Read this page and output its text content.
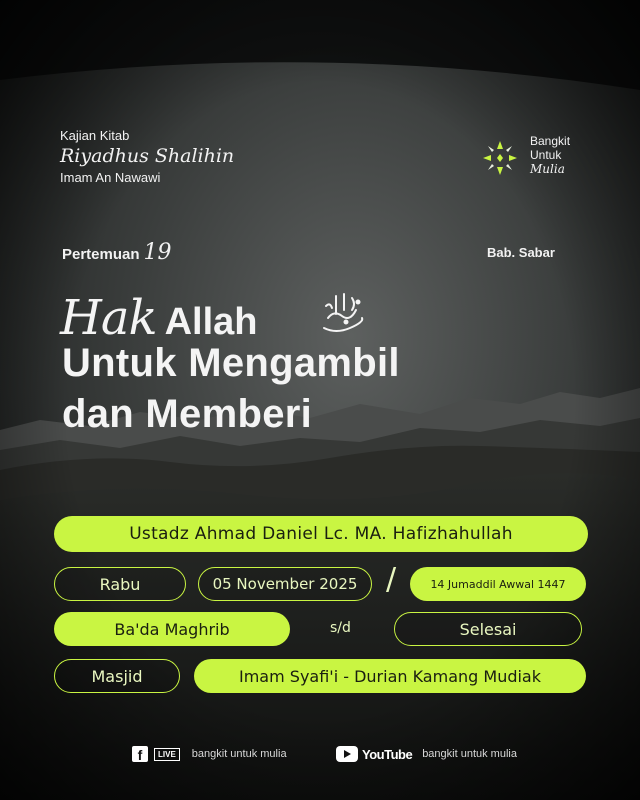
Kajian Kitab
Riyadhus Shalihin
Imam An Nawawi
Bangkit
Untuk
Mulia
Pertemuan 19	Bab. Sabar
Hak Allah
Untuk Mengambil
dan Memberi
Ustadz Ahmad Daniel Lc. MA. Hafizhahullah
Rabu	05 November 2025 /	14 Jumaddil Awwal 1447
Ba'da Maghrib	s/d	Selesai
Masjid	Imam Syafi'i - Durian Kamang Mudiak
f	LIVE	bangkit untuk mulia	YouTube bangkit untuk mulia
